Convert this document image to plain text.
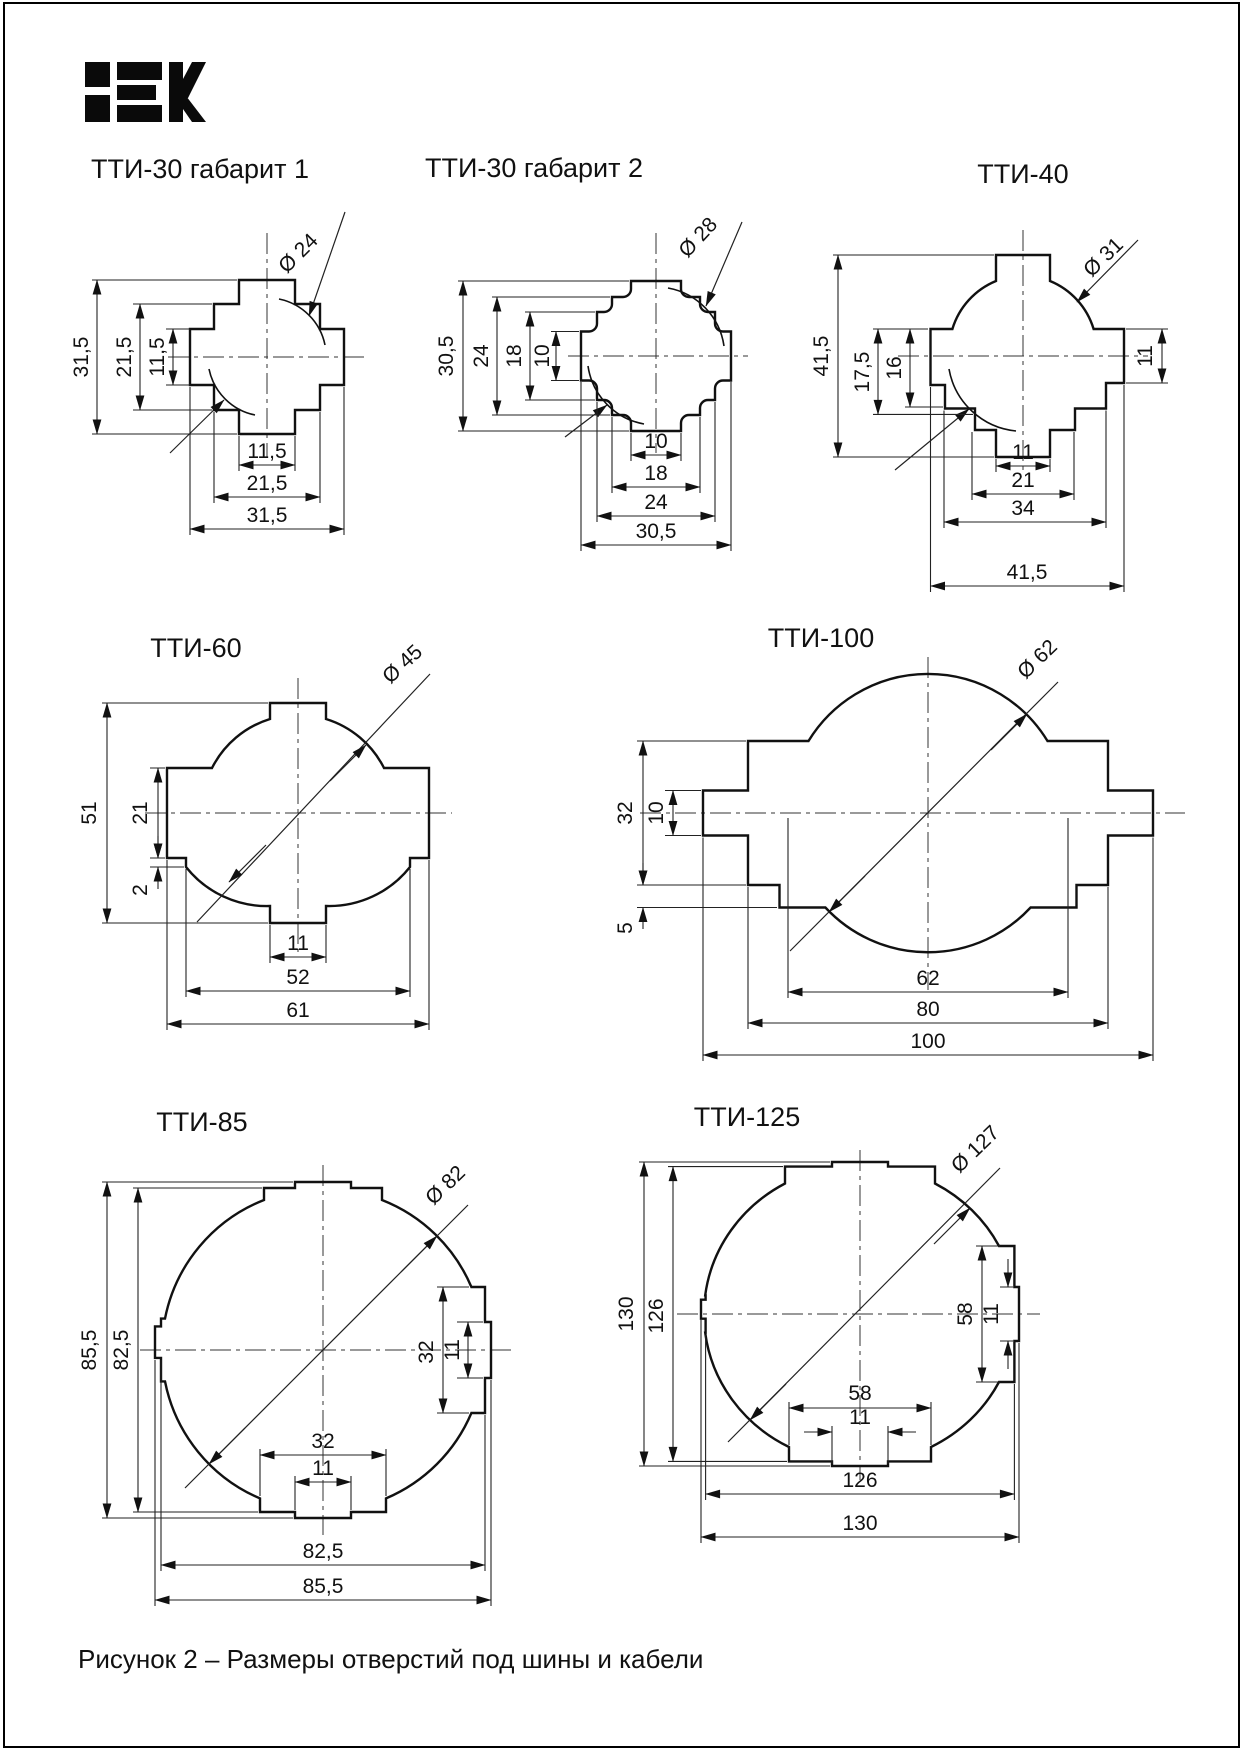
ТТИ-30 габарит 1
Ø 24
31,5 21,5 11,5
11,5
21,5
31,5
ТТИ-30 габарит 2
Ø 28
30,5 24 18 10
10
18
24
30,5
ТТИ-40
Ø 31
41,5 17,5 16
11
11
21
34
41,5
ТТИ-60	Ø 45
51 21
2
11
52
61
ТТИ-100	Ø 62
32 10
5
62
80
100
ТТИ-85
Ø 82
85,5 82,5	32 11
32
11
82,5
85,5
ТТИ-125
Ø 127
130 126	58 11
58
11
126
130
Рисунок 2 – Размеры отверстий под шины и кабели
